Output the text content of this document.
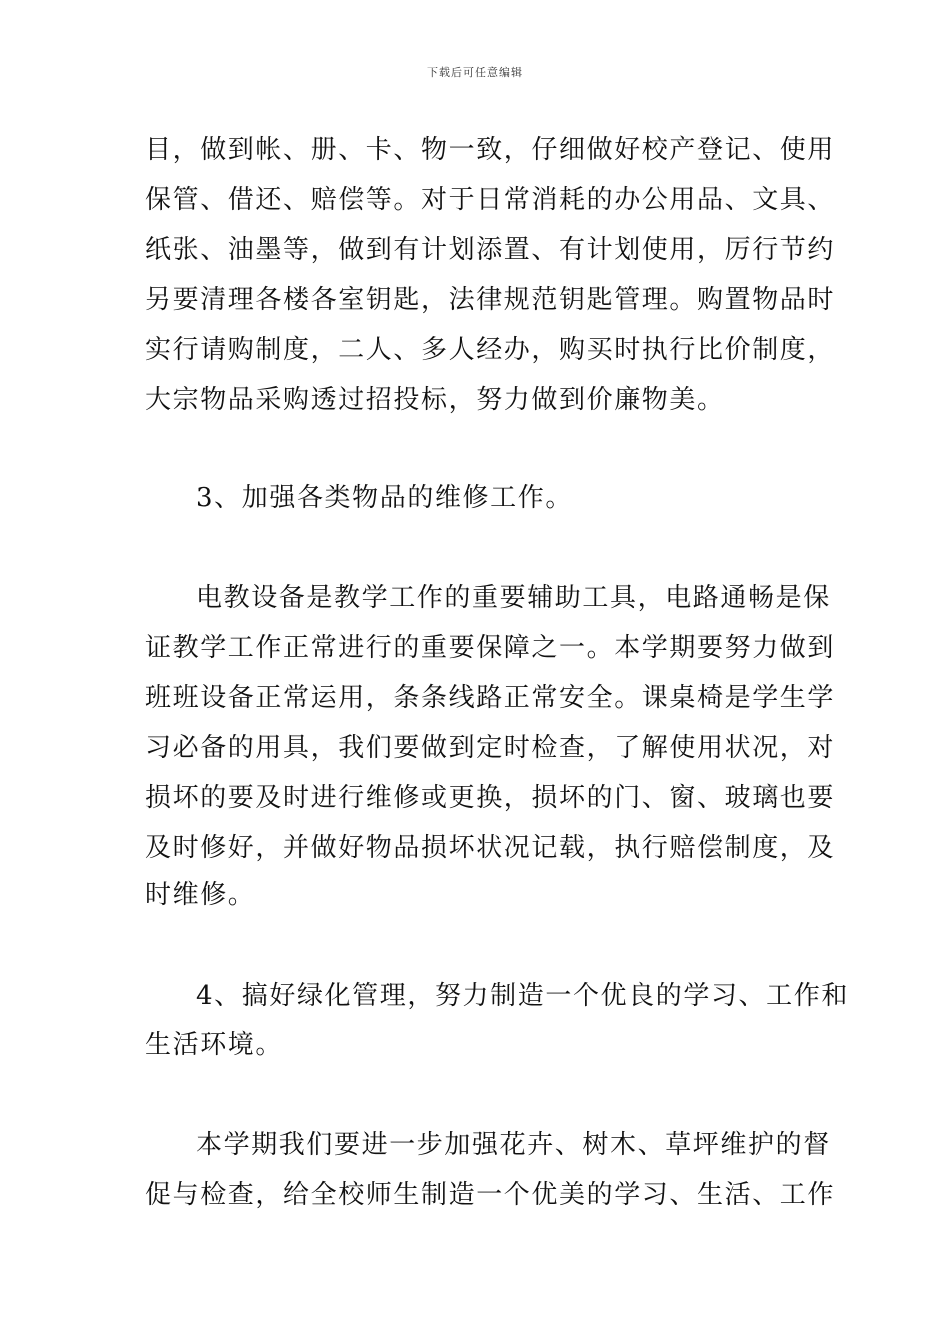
下载后可任意编辑
目，做到帐、册、卡、物一致，仔细做好校产登记、使用
保管、借还、赔偿等。对于日常消耗的办公用品、文具、
纸张、油墨等，做到有计划添置、有计划使用，厉行节约
另要清理各楼各室钥匙，法律规范钥匙管理。购置物品时
实行请购制度，二人、多人经办，购买时执行比价制度，
大宗物品采购透过招投标，努力做到价廉物美。
3、加强各类物品的维修工作。
电教设备是教学工作的重要辅助工具，电路通畅是保
证教学工作正常进行的重要保障之一。本学期要努力做到
班班设备正常运用，条条线路正常安全。课桌椅是学生学
习必备的用具，我们要做到定时检查，了解使用状况，对
损坏的要及时进行维修或更换，损坏的门、窗、玻璃也要
及时修好，并做好物品损坏状况记载，执行赔偿制度，及
时维修。
4、搞好绿化管理，努力制造一个优良的学习、工作和
生活环境。
本学期我们要进一步加强花卉、树木、草坪维护的督
促与检查，给全校师生制造一个优美的学习、生活、工作
